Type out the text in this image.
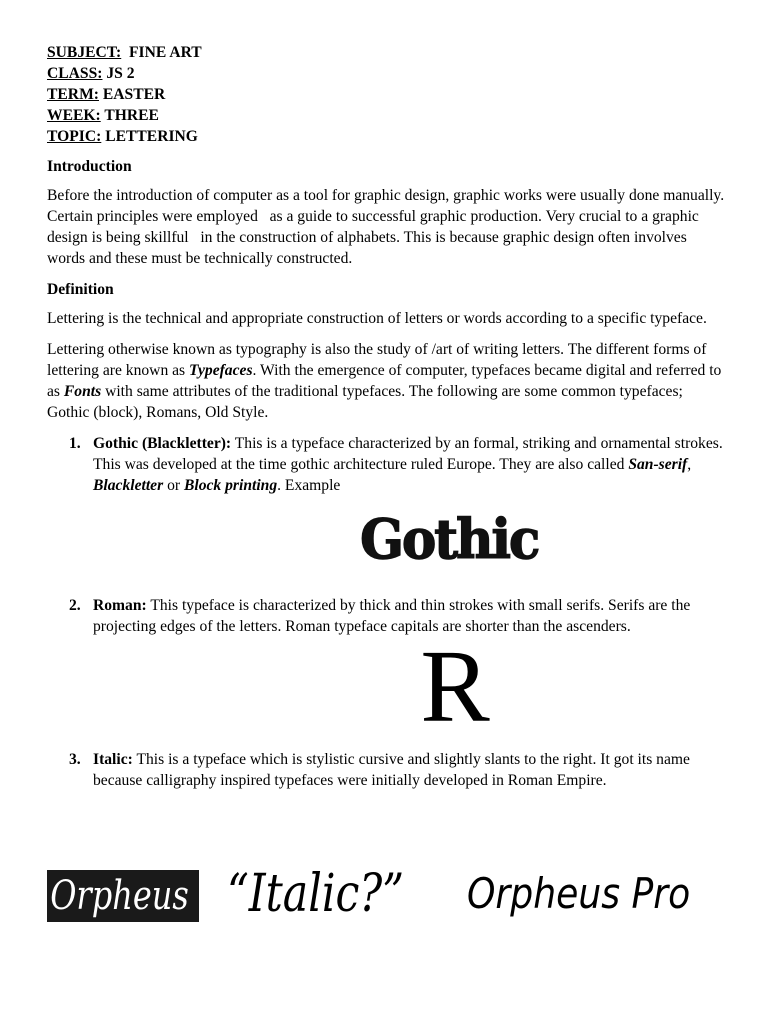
SUBJECT:  FINE ART

CLASS: JS 2

TERM: EASTER

WEEK: THREE

TOPIC: LETTERING

Introduction

Before the introduction of computer as a tool for graphic design, graphic works were usually done manually. Certain principles were employed   as a guide to successful graphic production. Very crucial to a graphic design is being skillful   in the construction of alphabets. This is because graphic design often involves words and these must be technically constructed.

Definition

Lettering is the technical and appropriate construction of letters or words according to a specific typeface.

Lettering otherwise known as typography is also the study of /art of writing letters. The different forms of lettering are known as Typefaces. With the emergence of computer, typefaces became digital and referred to as Fonts with same attributes of the traditional typefaces. The following are some common typefaces; Gothic (block), Romans, Old Style.

1. Gothic (Blackletter): This is a typeface characterized by an formal, striking and ornamental strokes. This was developed at the time gothic architecture ruled Europe. They are also called San-serif, Blackletter or Block printing. Example
Gothic
2. Roman: This typeface is characterized by thick and thin strokes with small serifs. Serifs are the projecting edges of the letters. Roman typeface capitals are shorter than the ascenders.
R
3. Italic: This is a typeface which is stylistic cursive and slightly slants to the right. It got its name because calligraphy inspired typefaces were initially developed in Roman Empire.
Orpheus “Italic?” Orpheus Pro
